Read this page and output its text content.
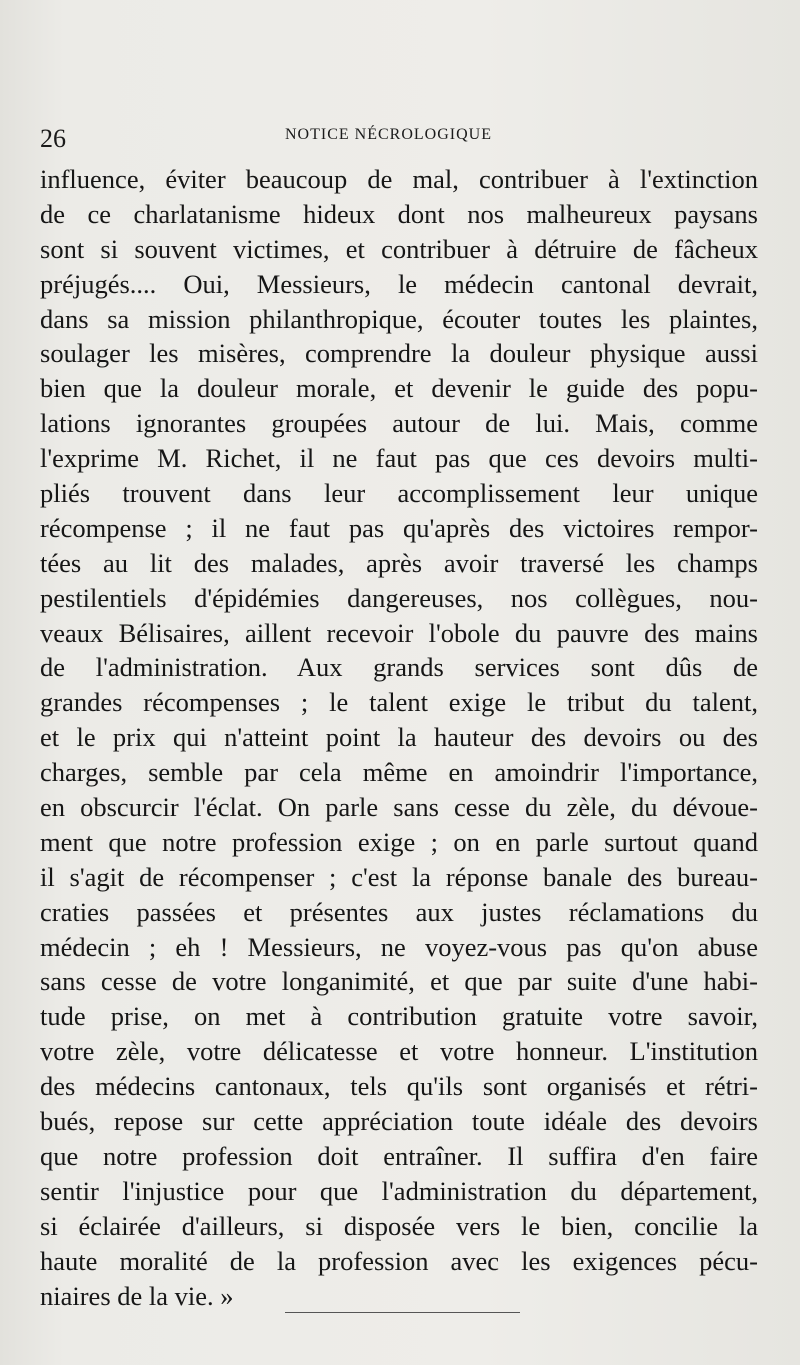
26	NOTICE NÉCROLOGIQUE
influence, éviter beaucoup de mal, contribuer à l'extinction
de ce charlatanisme hideux dont nos malheureux paysans
sont si souvent victimes, et contribuer à détruire de fâcheux
préjugés.... Oui, Messieurs, le médecin cantonal devrait,
dans sa mission philanthropique, écouter toutes les plaintes,
soulager les misères, comprendre la douleur physique aussi
bien que la douleur morale, et devenir le guide des popu-
lations ignorantes groupées autour de lui. Mais, comme
l'exprime M. Richet, il ne faut pas que ces devoirs multi-
pliés trouvent dans leur accomplissement leur unique
récompense ; il ne faut pas qu'après des victoires rempor-
tées au lit des malades, après avoir traversé les champs
pestilentiels d'épidémies dangereuses, nos collègues, nou-
veaux Bélisaires, aillent recevoir l'obole du pauvre des mains
de l'administration. Aux grands services sont dûs de
grandes récompenses ; le talent exige le tribut du talent,
et le prix qui n'atteint point la hauteur des devoirs ou des
charges, semble par cela même en amoindrir l'importance,
en obscurcir l'éclat. On parle sans cesse du zèle, du dévoue-
ment que notre profession exige ; on en parle surtout quand
il s'agit de récompenser ; c'est la réponse banale des bureau-
craties passées et présentes aux justes réclamations du
médecin ; eh ! Messieurs, ne voyez-vous pas qu'on abuse
sans cesse de votre longanimité, et que par suite d'une habi-
tude prise, on met à contribution gratuite votre savoir,
votre zèle, votre délicatesse et votre honneur. L'institution
des médecins cantonaux, tels qu'ils sont organisés et rétri-
bués, repose sur cette appréciation toute idéale des devoirs
que notre profession doit entraîner. Il suffira d'en faire
sentir l'injustice pour que l'administration du département,
si éclairée d'ailleurs, si disposée vers le bien, concilie la
haute moralité de la profession avec les exigences pécu-
niaires de la vie. »
